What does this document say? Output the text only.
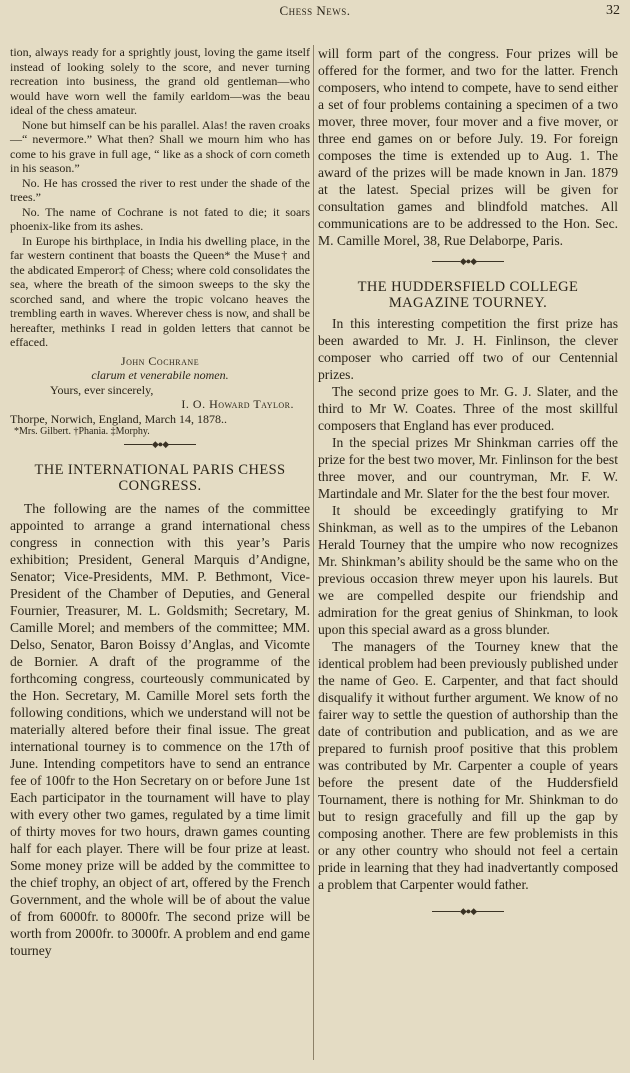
Chess News.	32

tion, always ready for a sprightly joust, loving the game itself instead of looking solely to the score, and never turning recreation into business, the grand old gentleman—who would have worn well the family earldom—was the beau ideal of the chess amateur.

None but himself can be his parallel. Alas! the raven croaks—“ nevermore.” What then? Shall we mourn him who has come to his grave in full age, “ like as a shock of corn cometh in his season.”

No. He has crossed the river to rest under the shade of the trees.”

No. The name of Cochrane is not fated to die; it soars phoenix-like from its ashes.

In Europe his birthplace, in India his dwelling place, in the far western continent that boasts the Queen* the Muse† and the abdicated Emperor‡ of Chess; where cold consolidates the sea, where the breath of the simoon sweeps to the sky the scorched sand, and where the tropic volcano heaves the trembling earth in waves. Wherever chess is now, and shall be hereafter, methinks I read in golden letters that cannot be effaced.

John Cochrane

clarum et venerabile nomen.

Yours, ever sincerely,

I. O. Howard Taylor.

Thorpe, Norwich, England, March 14, 1878..

*Mrs. Gilbert. †Phania. ‡Morphy.

◆●◆
THE INTERNATIONAL PARIS CHESS CONGRESS.

The following are the names of the committee appointed to arrange a grand international chess congress in connection with this year’s Paris exhibition; President, General Marquis d’Andigne, Senator; Vice-Presidents, MM. P. Bethmont, Vice-President of the Chamber of Deputies, and General Fournier, Treasurer, M. L. Goldsmith; Secretary, M. Camille Morel; and members of the committee; MM. Delso, Senator, Baron Boissy d’Anglas, and Vicomte de Bornier. A draft of the programme of the forthcoming congress, courteously communicated by the Hon. Secretary, M. Camille Morel sets forth the following conditions, which we understand will not be materially altered before their final issue. The great international tourney is to commence on the 17th of June. Intending competitors have to send an entrance fee of 100fr to the Hon Secretary on or before June 1st Each participator in the tournament will have to play with every other two games, regulated by a time limit of thirty moves for two hours, drawn games counting half for each player. There will be four prize at least. Some money prize will be added by the committee to the chief trophy, an object of art, offered by the French Government, and the whole will be of about the value of from 6000fr. to 8000fr. The second prize will be worth from 2000fr. to 3000fr. A problem and end game tourney

will form part of the congress. Four prizes will be offered for the former, and two for the latter. French composers, who intend to compete, have to send either a set of four problems containing a specimen of a two mover, three mover, four mover and a five mover, or three end games on or before July. 19. For foreign composes the time is extended up to Aug. 1. The award of the prizes will be made known in Jan. 1879 at the latest. Special prizes will be given for consultation games and blindfold matches. All communications are to be addressed to the Hon. Sec. M. Camille Morel, 38, Rue Delaborpe, Paris.

◆●◆
THE HUDDERSFIELD COLLEGE MAGAZINE TOURNEY.

In this interesting competition the first prize has been awarded to Mr. J. H. Finlinson, the clever composer who carried off two of our Centennial prizes.

The second prize goes to Mr. G. J. Slater, and the third to Mr W. Coates. Three of the most skillful composers that England has ever produced.

In the special prizes Mr Shinkman carries off the prize for the best two mover, Mr. Finlinson for the best three mover, and our countryman, Mr. F. W. Martindale and Mr. Slater for the the best four mover.

It should be exceedingly gratifying to Mr Shinkman, as well as to the umpires of the Lebanon Herald Tourney that the umpire who now recognizes Mr. Shinkman’s ability should be the same who on the previous occasion threw meyer upon his laurels. But we are compelled despite our friendship and admiration for the great genius of Shinkman, to look upon this special award as a gross blunder.

The managers of the Tourney knew that the identical problem had been previously published under the name of Geo. E. Carpenter, and that fact should disqualify it without further argument. We know of no fairer way to settle the question of authorship than the date of contribution and publication, and as we are prepared to furnish proof positive that this problem was contributed by Mr. Carpenter a couple of years before the present date of the Huddersfield Tournament, there is nothing for Mr. Shinkman to do but to resign gracefully and fill up the gap by composing another. There are few problemists in this or any other country who should not feel a certain pride in learning that they had inadvertantly composed a problem that Carpenter would father.

◆●◆
